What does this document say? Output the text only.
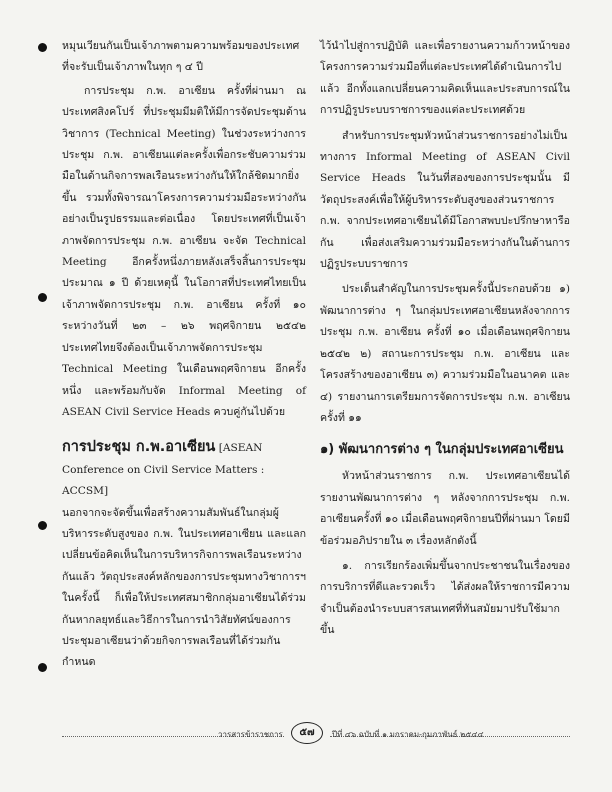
หมุนเวียนกันเป็นเจ้าภาพตามความพร้อมของประเทศที่จะรับเป็นเจ้าภาพในทุก ๆ ๔ ปี

การประชุม ก.พ. อาเซียน ครั้งที่ผ่านมา ณ ประเทศสิงคโปร์ ที่ประชุมมีมติให้มีการจัดประชุมด้านวิชาการ (Technical Meeting) ในช่วงระหว่างการประชุม ก.พ. อาเซียนแต่ละครั้งเพื่อกระชับความร่วมมือในด้านกิจการพลเรือนระหว่างกันให้ใกล้ชิดมากยิ่งขึ้น รวมทั้งพิจารณาโครงการความร่วมมือระหว่างกันอย่างเป็นรูปธรรมและต่อเนื่อง โดยประเทศที่เป็นเจ้าภาพจัดการประชุม ก.พ. อาเซียน จะจัด Technical Meeting อีกครั้งหนึ่งภายหลังเสร็จสิ้นการประชุมประมาณ ๑ ปี ด้วยเหตุนี้ ในโอกาสที่ประเทศไทยเป็นเจ้าภาพจัดการประชุม ก.พ. อาเซียน ครั้งที่ ๑๐ ระหว่างวันที่ ๒๓ – ๒๖ พฤศจิกายน ๒๕๔๒ ประเทศไทยจึงต้องเป็นเจ้าภาพจัดการประชุม Technical Meeting ในเดือนพฤศจิกายน อีกครั้งหนึ่ง และพร้อมกับจัด Informal Meeting of ASEAN Civil Service Heads ควบคู่กันไปด้วย

การประชุม ก.พ.อาเซียน [ASEAN Conference on Civil Service Matters : ACCSM]

นอกจากจะจัดขึ้นเพื่อสร้างความสัมพันธ์ในกลุ่มผู้บริหารระดับสูงของ ก.พ. ในประเทศอาเซียน และแลกเปลี่ยนข้อคิดเห็นในการบริหารกิจการพลเรือนระหว่างกันแล้ว วัตถุประสงค์หลักของการประชุมทางวิชาการฯ ในครั้งนี้ ก็เพื่อให้ประเทศสมาชิกกลุ่มอาเซียนได้ร่วมกันหากลยุทธ์และวิธีการในการนำวิสัยทัศน์ของการประชุมอาเซียนว่าด้วยกิจการพลเรือนที่ได้ร่วมกันกำหนด

ไว้นำไปสู่การปฏิบัติ และเพื่อรายงานความก้าวหน้าของโครงการความร่วมมือที่แต่ละประเทศได้ดำเนินการไปแล้ว อีกทั้งแลกเปลี่ยนความคิดเห็นและประสบการณ์ในการปฏิรูประบบราชการของแต่ละประเทศด้วย

สำหรับการประชุมหัวหน้าส่วนราชการอย่างไม่เป็นทางการ Informal Meeting of ASEAN Civil Service Heads ในวันที่สองของการประชุมนั้น มีวัตถุประสงค์เพื่อให้ผู้บริหารระดับสูงของส่วนราชการ ก.พ. จากประเทศอาเซียนได้มีโอกาสพบปะปรึกษาหารือกัน เพื่อส่งเสริมความร่วมมือระหว่างกันในด้านการปฏิรูประบบราชการ

ประเด็นสำคัญในการประชุมครั้งนี้ประกอบด้วย ๑) พัฒนาการต่าง ๆ ในกลุ่มประเทศอาเซียนหลังจากการประชุม ก.พ. อาเซียน ครั้งที่ ๑๐ เมื่อเดือนพฤศจิกายน ๒๕๔๒ ๒) สถานะการประชุม ก.พ. อาเซียน และโครงสร้างของอาเซียน ๓) ความร่วมมือในอนาคต และ ๔) รายงานการเตรียมการจัดการประชุม ก.พ. อาเซียน ครั้งที่ ๑๑

๑) พัฒนาการต่าง ๆ ในกลุ่มประเทศอาเซียน

หัวหน้าส่วนราชการ ก.พ. ประเทศอาเซียนได้รายงานพัฒนาการต่าง ๆ หลังจากการประชุม ก.พ. อาเซียนครั้งที่ ๑๐ เมื่อเดือนพฤศจิกายนปีที่ผ่านมา โดยมีข้อร่วมอภิปรายใน ๓ เรื่องหลักดังนี้

๑. การเรียกร้องเพิ่มขึ้นจากประชาชนในเรื่องของการบริการที่ดีและรวดเร็ว ได้ส่งผลให้ราชการมีความจำเป็นต้องนำระบบสารสนเทศที่ทันสมัยมาปรับใช้มากขึ้น

วารสารข้าราชการ	๕๗	ปีที่ ๔๖ ฉบับที่ ๑ มกราคม-กุมภาพันธ์ ๒๕๔๔
